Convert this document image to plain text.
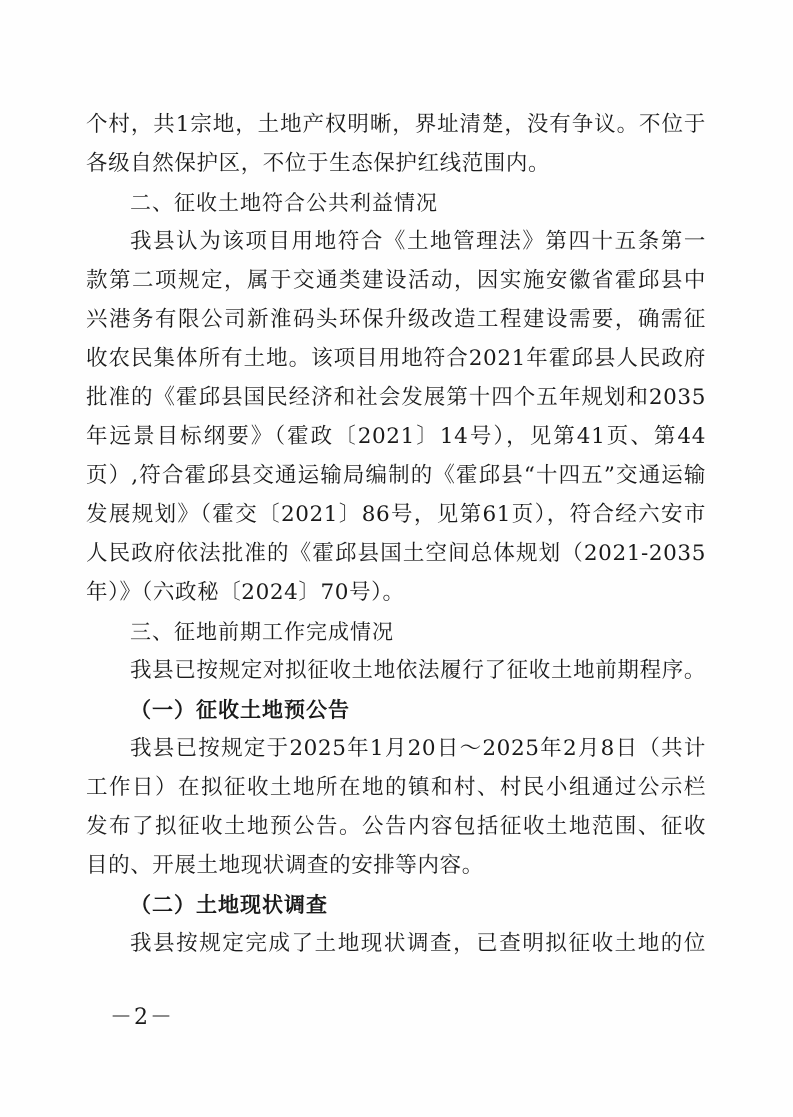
个村，共1宗地，土地产权明晰，界址清楚，没有争议。不位于
各级自然保护区，不位于生态保护红线范围内。
二、征收土地符合公共利益情况
我县认为该项目用地符合《土地管理法》第四十五条第一
款第二项规定，属于交通类建设活动，因实施安徽省霍邱县中
兴港务有限公司新淮码头环保升级改造工程建设需要，确需征
收农民集体所有土地。该项目用地符合2021年霍邱县人民政府
批准的《霍邱县国民经济和社会发展第十四个五年规划和2035
年远景目标纲要》（霍政〔2021〕14号），见第41页、第44
页）,符合霍邱县交通运输局编制的《霍邱县“十四五”交通运输
发展规划》（霍交〔2021〕86号，见第61页），符合经六安市
人民政府依法批准的《霍邱县国土空间总体规划（2021-2035
年）》（六政秘〔2024〕70号）。
三、征地前期工作完成情况
我县已按规定对拟征收土地依法履行了征收土地前期程序。
（一）征收土地预公告
我县已按规定于2025年1月20日～2025年2月8日（共计
工作日）在拟征收土地所在地的镇和村、村民小组通过公示栏
发布了拟征收土地预公告。公告内容包括征收土地范围、征收
目的、开展土地现状调查的安排等内容。
（二）土地现状调查
我县按规定完成了土地现状调查，已查明拟征收土地的位
－2－
